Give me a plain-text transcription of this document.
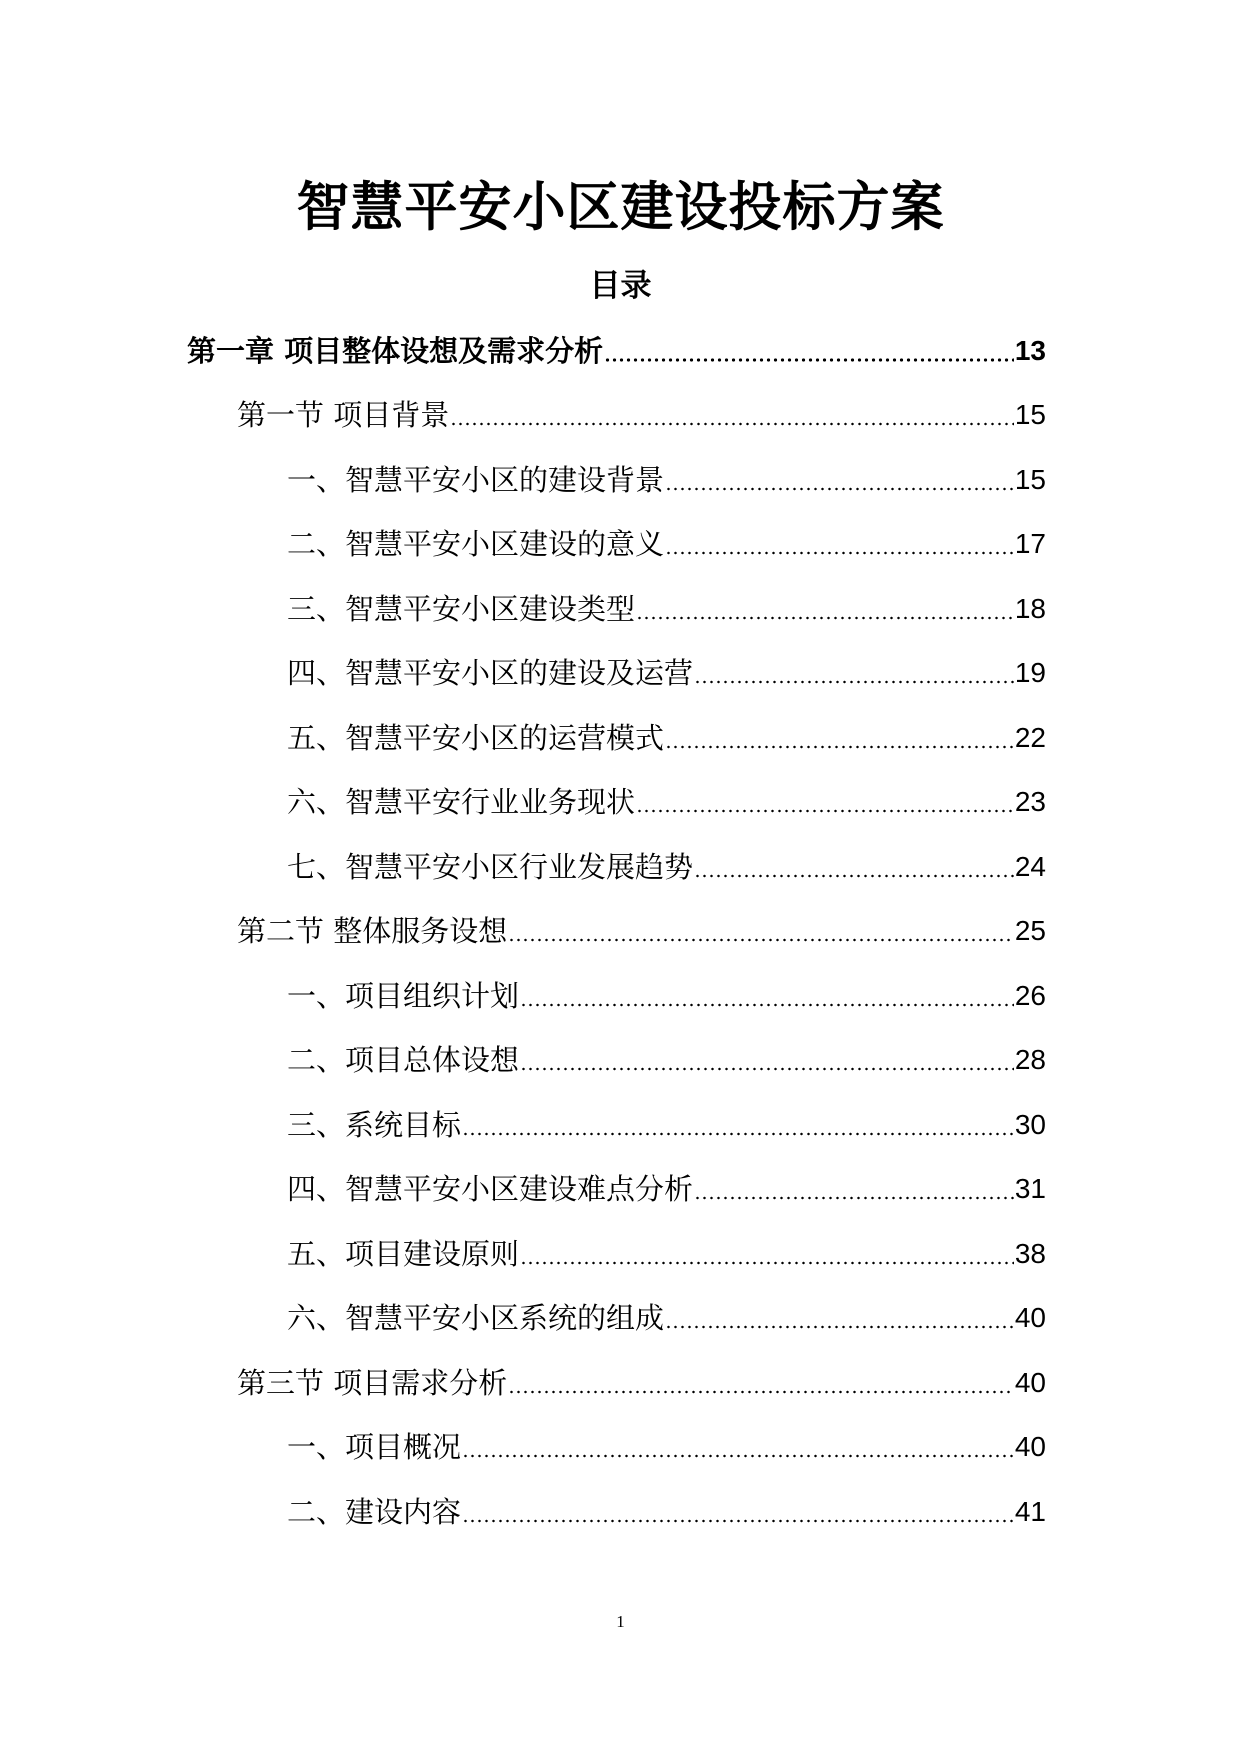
智慧平安小区建设投标方案
目录
第一章 项目整体设想及需求分析	13
第一节 项目背景	15
一、智慧平安小区的建设背景	15
二、智慧平安小区建设的意义	17
三、智慧平安小区建设类型	18
四、智慧平安小区的建设及运营	19
五、智慧平安小区的运营模式	22
六、智慧平安行业业务现状	23
七、智慧平安小区行业发展趋势	24
第二节 整体服务设想	25
一、项目组织计划	26
二、项目总体设想	28
三、系统目标	30
四、智慧平安小区建设难点分析	31
五、项目建设原则	38
六、智慧平安小区系统的组成	40
第三节 项目需求分析	40
一、项目概况	40
二、建设内容	41
1
